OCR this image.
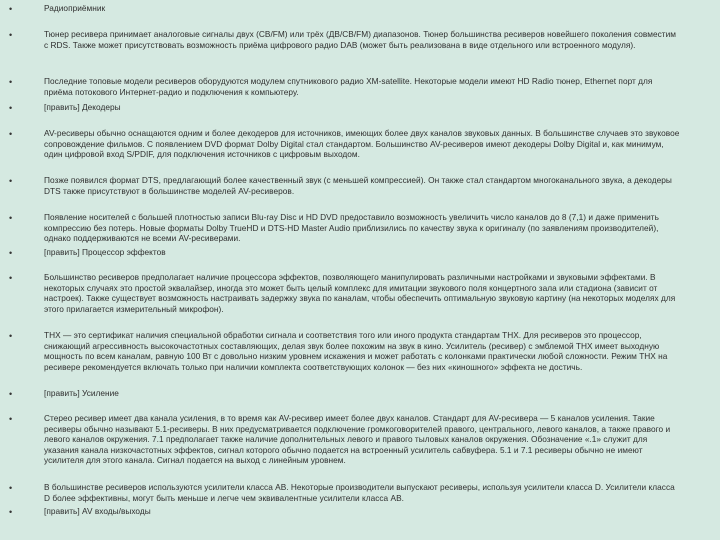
•	Радиоприёмник
•	Тюнер ресивера принимает аналоговые сигналы двух (СВ/FM) или трёх (ДВ/СВ/FM) диапазонов. Тюнер большинства ресиверов новейшего поколения совместим с RDS. Также может присутствовать возможность приёма цифрового радио DAB (может быть реализована в виде отдельного или встроенного модуля).
•	Последние топовые модели ресиверов оборудуются модулем спутникового радио XM-satellite. Некоторые модели имеют HD Radio тюнер, Ethernet порт для приёма потокового Интернет-радио и подключения к компьютеру.
•	[править] Декодеры
•	AV-ресиверы обычно оснащаются одним и более декодеров для источников, имеющих более двух каналов звуковых данных. В большинстве случаев это звуковое сопровождение фильмов. С появлением DVD формат Dolby Digital стал стандартом. Большинство AV-ресиверов имеют декодеры Dolby Digital и, как минимум, один цифровой вход S/PDIF, для подключения источников с цифровым выходом.
•	Позже появился формат DTS, предлагающий более качественный звук (с меньшей компрессией). Он также стал стандартом многоканального звука, а декодеры DTS также присутствуют в большинстве моделей AV-ресиверов.
•	Появление носителей с большей плотностью записи Blu-ray Disc и HD DVD предоставило возможность увеличить число каналов до 8 (7,1) и даже применить компрессию без потерь. Новые форматы Dolby TrueHD и DTS-HD Master Audio приблизились по качеству звука к оригиналу (по заявлениям производителей), однако поддерживаются не всеми AV-ресиверами.
•	[править] Процессор эффектов
•	Большинство ресиверов предполагает наличие процессора эффектов, позволяющего манипулировать различными настройками и звуковыми эффектами. В некоторых случаях это простой эквалайзер, иногда это может быть целый комплекс для имитации звукового поля концертного зала или стадиона (зависит от настроек). Также существует возможность настраивать задержку звука по каналам, чтобы обеспечить оптимальную звуковую картину (на некоторых моделях для этого прилагается измерительный микрофон).
•	THX — это сертификат наличия специальной обработки сигнала и соответствия того или иного продукта стандартам THX. Для ресиверов это процессор, снижающий агрессивность высокочастотных составляющих, делая звук более похожим на звук в кино. Усилитель (ресивер) с эмблемой THX имеет выходную мощность по всем каналам, равную 100 Вт с довольно низким уровнем искажения и может работать с колонками практически любой сложности. Режим THX на ресивере рекомендуется включать только при наличии комплекта соответствующих колонок — без них «киношного» эффекта не достичь.
•	[править] Усиление
•	Стерео ресивер имеет два канала усиления, в то время как AV-ресивер имеет более двух каналов. Стандарт для AV-ресивера — 5 каналов усиления. Такие ресиверы обычно называют 5.1-ресиверы. В них предусматривается подключение громкоговорителей правого, центрального, левого каналов, а также правого и левого каналов окружения. 7.1 предполагает также наличие дополнительных левого и правого тыловых каналов окружения. Обозначение «.1» служит для указания канала низкочастотных эффектов, сигнал которого обычно подается на встроенный усилитель сабвуфера. 5.1 и 7.1 ресиверы обычно не имеют усилителя для этого канала. Сигнал подается на выход с линейным уровнем.
•	В большинстве ресиверов используются усилители класса AB. Некоторые производители выпускают ресиверы, используя усилители класса D. Усилители класса D более эффективны, могут быть меньше и легче чем эквивалентные усилители класса AB.
•	[править] AV входы/выходы
